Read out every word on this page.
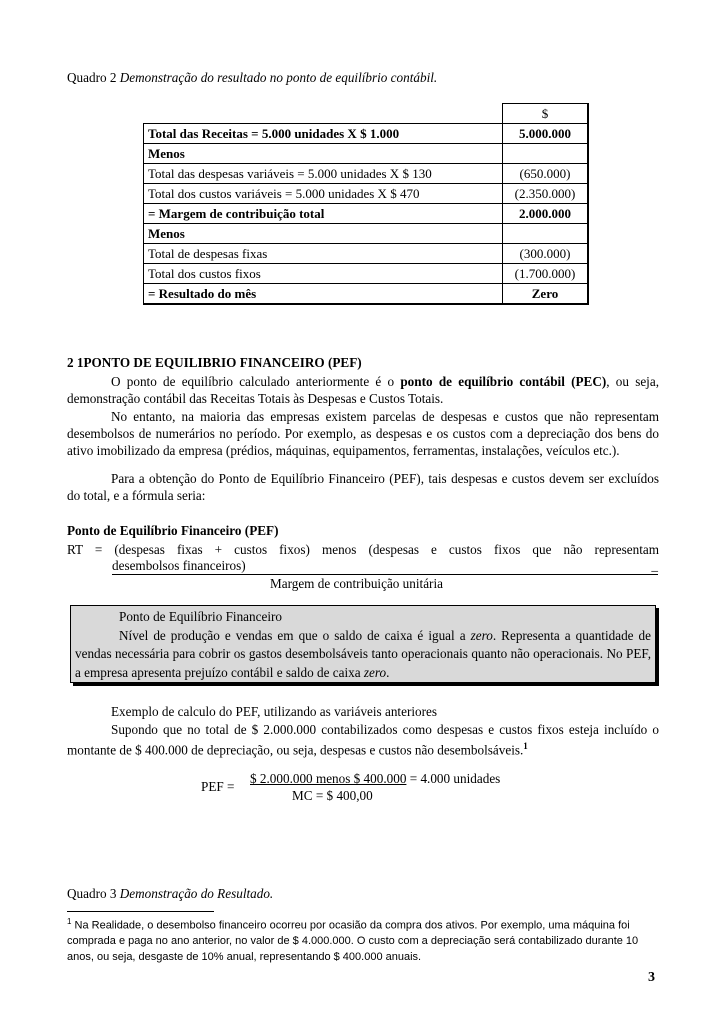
Quadro 2 Demonstração do resultado no ponto de equilíbrio contábil.
	$
Total das Receitas = 5.000 unidades X $ 1.000	5.000.000
Menos	
Total das despesas variáveis = 5.000 unidades X $ 130	(650.000)
Total dos custos variáveis = 5.000 unidades X $ 470	(2.350.000)
= Margem de contribuição total	2.000.000
Menos	
Total de despesas fixas	(300.000)
Total dos custos fixos	(1.700.000)
= Resultado do mês	Zero
2 1PONTO DE EQUILIBRIO FINANCEIRO (PEF)
O ponto de equilíbrio calculado anteriormente é o ponto de equilíbrio contábil (PEC), ou seja, demonstração contábil das Receitas Totais às Despesas e Custos Totais.
No entanto, na maioria das empresas existem parcelas de despesas e custos que não representam desembolsos de numerários no período. Por exemplo, as despesas e os custos com a depreciação dos bens do ativo imobilizado da empresa (prédios, máquinas, equipamentos, ferramentas, instalações, veículos etc.).
Para a obtenção do Ponto de Equilíbrio Financeiro (PEF), tais despesas e custos devem ser excluídos do total, e a fórmula seria:
Ponto de Equilíbrio Financeiro (PEF)
RT = (despesas fixas + custos fixos) menos (despesas e custos fixos que não representam
desembolsos financeiros)	_
Margem de contribuição unitária
Ponto de Equilíbrio Financeiro
Nível de produção e vendas em que o saldo de caixa é igual a zero. Representa a quantidade de vendas necessária para cobrir os gastos desembolsáveis tanto operacionais quanto não operacionais. No PEF, a empresa apresenta prejuízo contábil e saldo de caixa zero.
Exemplo de calculo do PEF, utilizando as variáveis anteriores
Supondo que no total de $ 2.000.000 contabilizados como despesas e custos fixos esteja incluído o montante de $ 400.000 de depreciação, ou seja, despesas e custos não desembolsáveis.$^1$
PEF =
$ 2.000.000 menos $ 400.000 = 4.000 unidades
MC = $ 400,00
Quadro 3 Demonstração do Resultado.
$^1$ Na Realidade, o desembolso financeiro ocorreu por ocasião da compra dos ativos. Por exemplo, uma máquina foi comprada e paga no ano anterior, no valor de $ 4.000.000. O custo com a depreciação será contabilizado durante 10 anos, ou seja, desgaste de 10% anual, representando $ 400.000 anuais.
3
